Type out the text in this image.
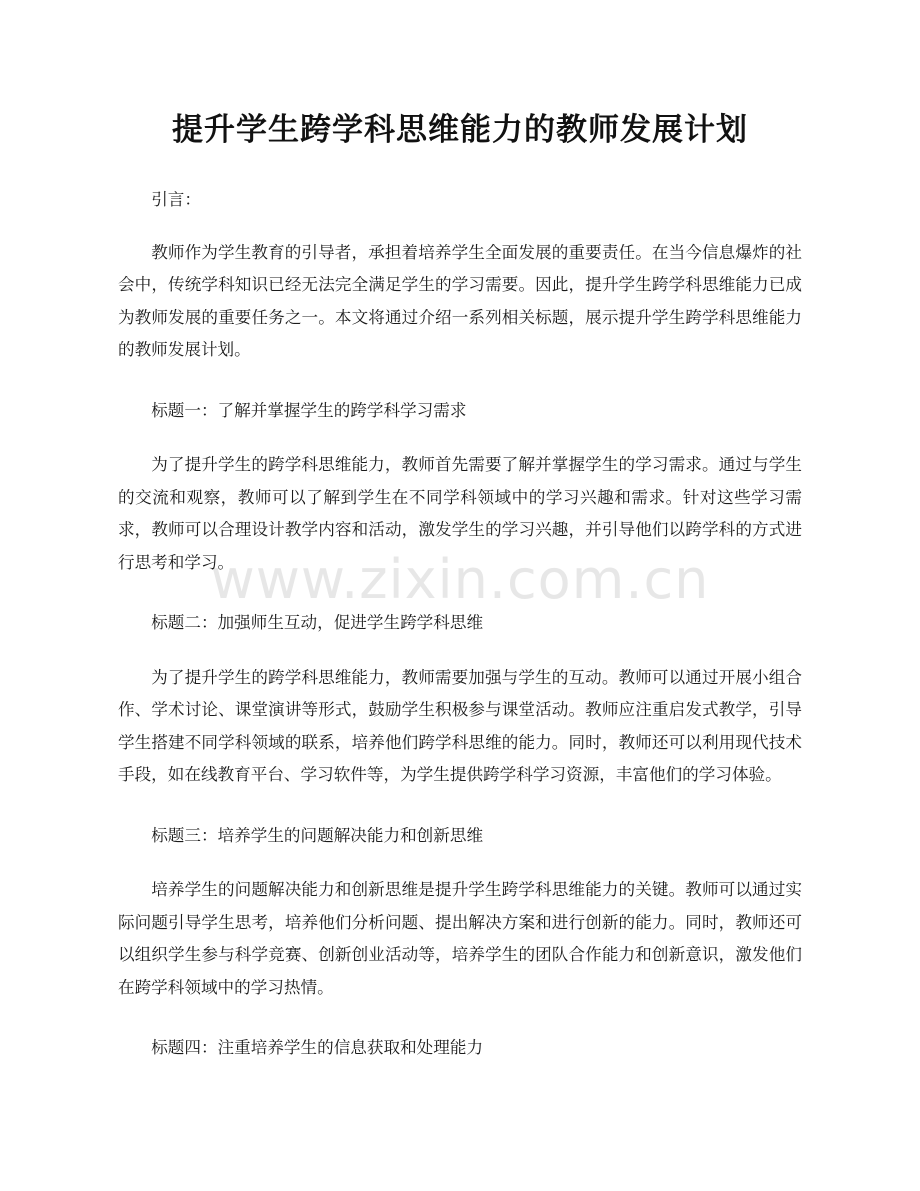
提升学生跨学科思维能力的教师发展计划

引言：

教师作为学生教育的引导者，承担着培养学生全面发展的重要责任。在当今信息爆炸的社会中，传统学科知识已经无法完全满足学生的学习需要。因此，提升学生跨学科思维能力已成为教师发展的重要任务之一。本文将通过介绍一系列相关标题，展示提升学生跨学科思维能力的教师发展计划。

标题一：了解并掌握学生的跨学科学习需求

为了提升学生的跨学科思维能力，教师首先需要了解并掌握学生的学习需求。通过与学生的交流和观察，教师可以了解到学生在不同学科领域中的学习兴趣和需求。针对这些学习需求，教师可以合理设计教学内容和活动，激发学生的学习兴趣，并引导他们以跨学科的方式进行思考和学习。

标题二：加强师生互动，促进学生跨学科思维

为了提升学生的跨学科思维能力，教师需要加强与学生的互动。教师可以通过开展小组合作、学术讨论、课堂演讲等形式，鼓励学生积极参与课堂活动。教师应注重启发式教学，引导学生搭建不同学科领域的联系，培养他们跨学科思维的能力。同时，教师还可以利用现代技术手段，如在线教育平台、学习软件等，为学生提供跨学科学习资源，丰富他们的学习体验。

标题三：培养学生的问题解决能力和创新思维

培养学生的问题解决能力和创新思维是提升学生跨学科思维能力的关键。教师可以通过实际问题引导学生思考，培养他们分析问题、提出解决方案和进行创新的能力。同时，教师还可以组织学生参与科学竞赛、创新创业活动等，培养学生的团队合作能力和创新意识，激发他们在跨学科领域中的学习热情。

标题四：注重培养学生的信息获取和处理能力

www.zixin.com.cn
